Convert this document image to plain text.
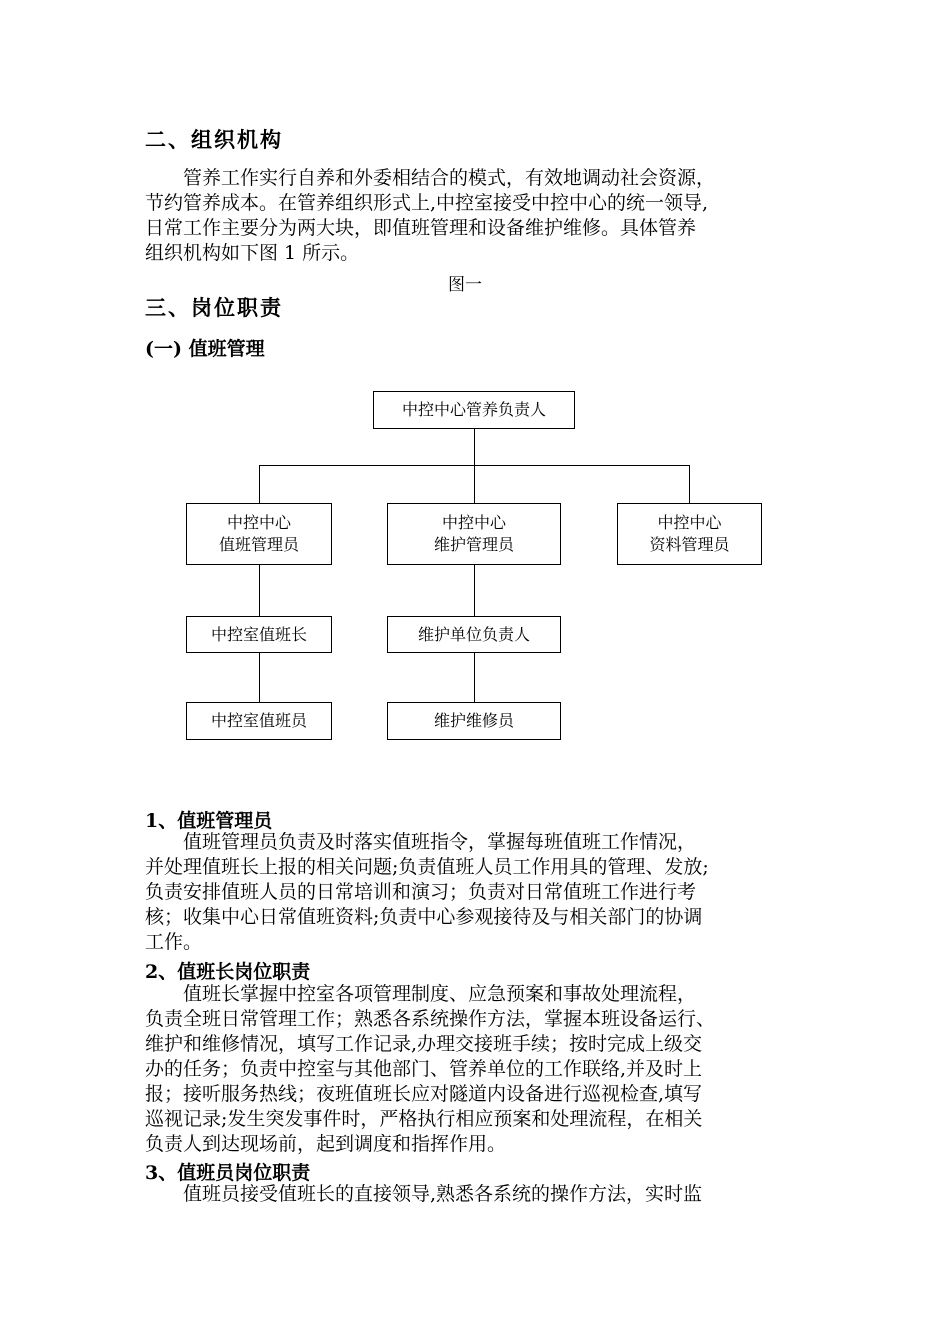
二、组织机构
　　管养工作实行自养和外委相结合的模式，有效地调动社会资源，
节约管养成本。在管养组织形式上,中控室接受中控中心的统一领导,
日常工作主要分为两大块，即值班管理和设备维护维修。具体管养
组织机构如下图 1 所示。
图一
三、岗位职责
(一) 值班管理
中控中心管养负责人
中控中心
值班管理员
中控中心
维护管理员
中控中心
资料管理员
中控室值班长	维护单位负责人
中控室值班员	维护维修员
1、值班管理员
　　值班管理员负责及时落实值班指令，掌握每班值班工作情况，
并处理值班长上报的相关问题;负责值班人员工作用具的管理、发放;
负责安排值班人员的日常培训和演习；负责对日常值班工作进行考
核；收集中心日常值班资料;负责中心参观接待及与相关部门的协调
工作。
2、值班长岗位职责
　　值班长掌握中控室各项管理制度、应急预案和事故处理流程，
负责全班日常管理工作；熟悉各系统操作方法，掌握本班设备运行、
维护和维修情况，填写工作记录,办理交接班手续；按时完成上级交
办的任务；负责中控室与其他部门、管养单位的工作联络,并及时上
报；接听服务热线；夜班值班长应对隧道内设备进行巡视检查,填写
巡视记录;发生突发事件时，严格执行相应预案和处理流程，在相关
负责人到达现场前，起到调度和指挥作用。
3、值班员岗位职责
　　值班员接受值班长的直接领导,熟悉各系统的操作方法，实时监
